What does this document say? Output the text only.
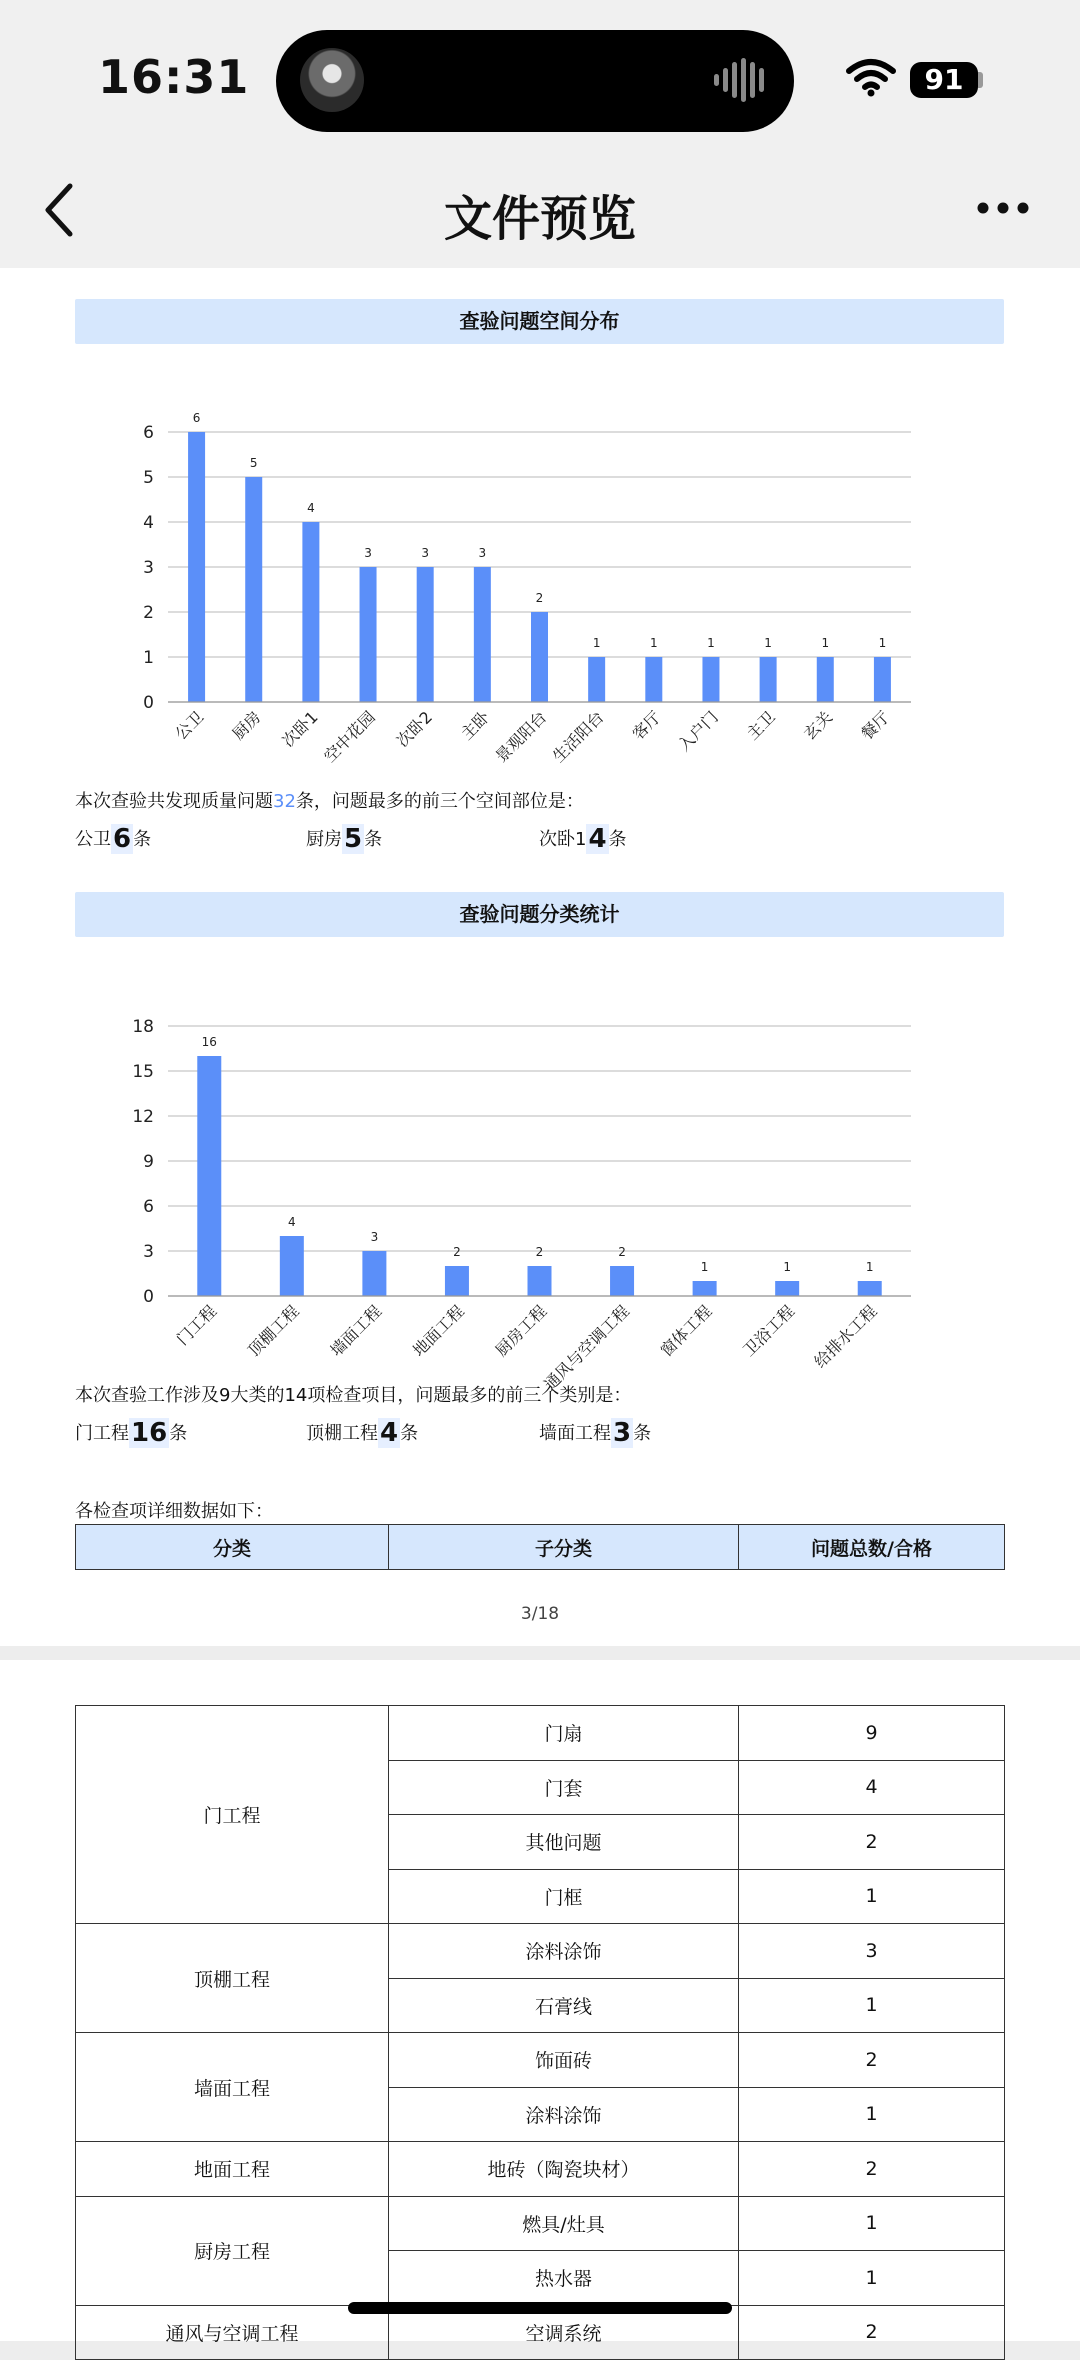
16:31	91
文件预览
查验问题空间分布
0
1
2
3
4
5
6
6
公卫
5
厨房
4
次卧1
3
空中花园
3
次卧2
3
主卧
2
景观阳台
1
生活阳台
1
客厅
1
入户门
1
主卫
1
玄关
1
餐厅
本次查验共发现质量问题32条，问题最多的前三个空间部位是：
公卫6 条	厨房5 条	次卧14 条
查验问题分类统计
0
3
6
9
12
15
18
16
门工程
4
顶棚工程
3
墙面工程
2
地面工程
2
厨房工程
2
通风与空调工程
1
窗体工程
1
卫浴工程
1
给排水工程
本次查验工作涉及9大类的14项检查项目，问题最多的前三个类别是：
门工程16 条	顶棚工程4 条	墙面工程3 条
各检查项详细数据如下：
分类	子分类	问题总数/合格
3/18
门工程	门扇	9
	门套	4
	其他问题	2
	门框	1
顶棚工程	涂料涂饰	3
	石膏线	1
墙面工程	饰面砖	2
	涂料涂饰	1
地面工程	地砖（陶瓷块材）	2
厨房工程	燃具/灶具	1
	热水器	1
通风与空调工程	空调系统	2
